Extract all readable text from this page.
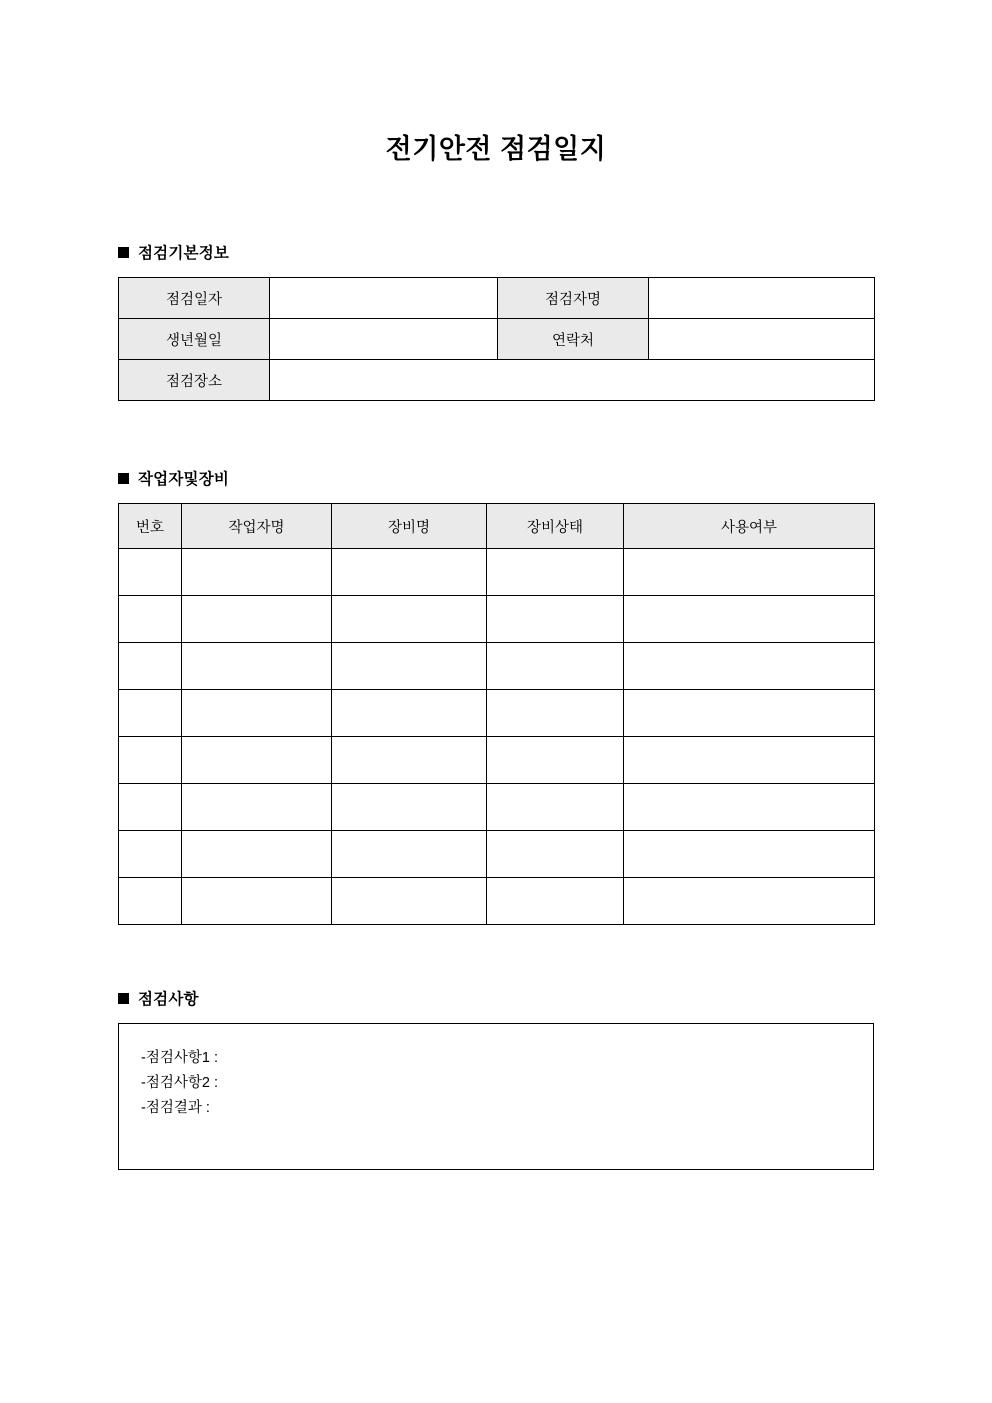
전기안전 점검일지
점검기본정보
점검일자		점검자명	
생년월일		연락처	
점검장소			
작업자및장비
번호	작업자명	장비명	장비상태	사용여부

점검사항
-점검사항1 :
-점검사항2 :
-점검결과 :
